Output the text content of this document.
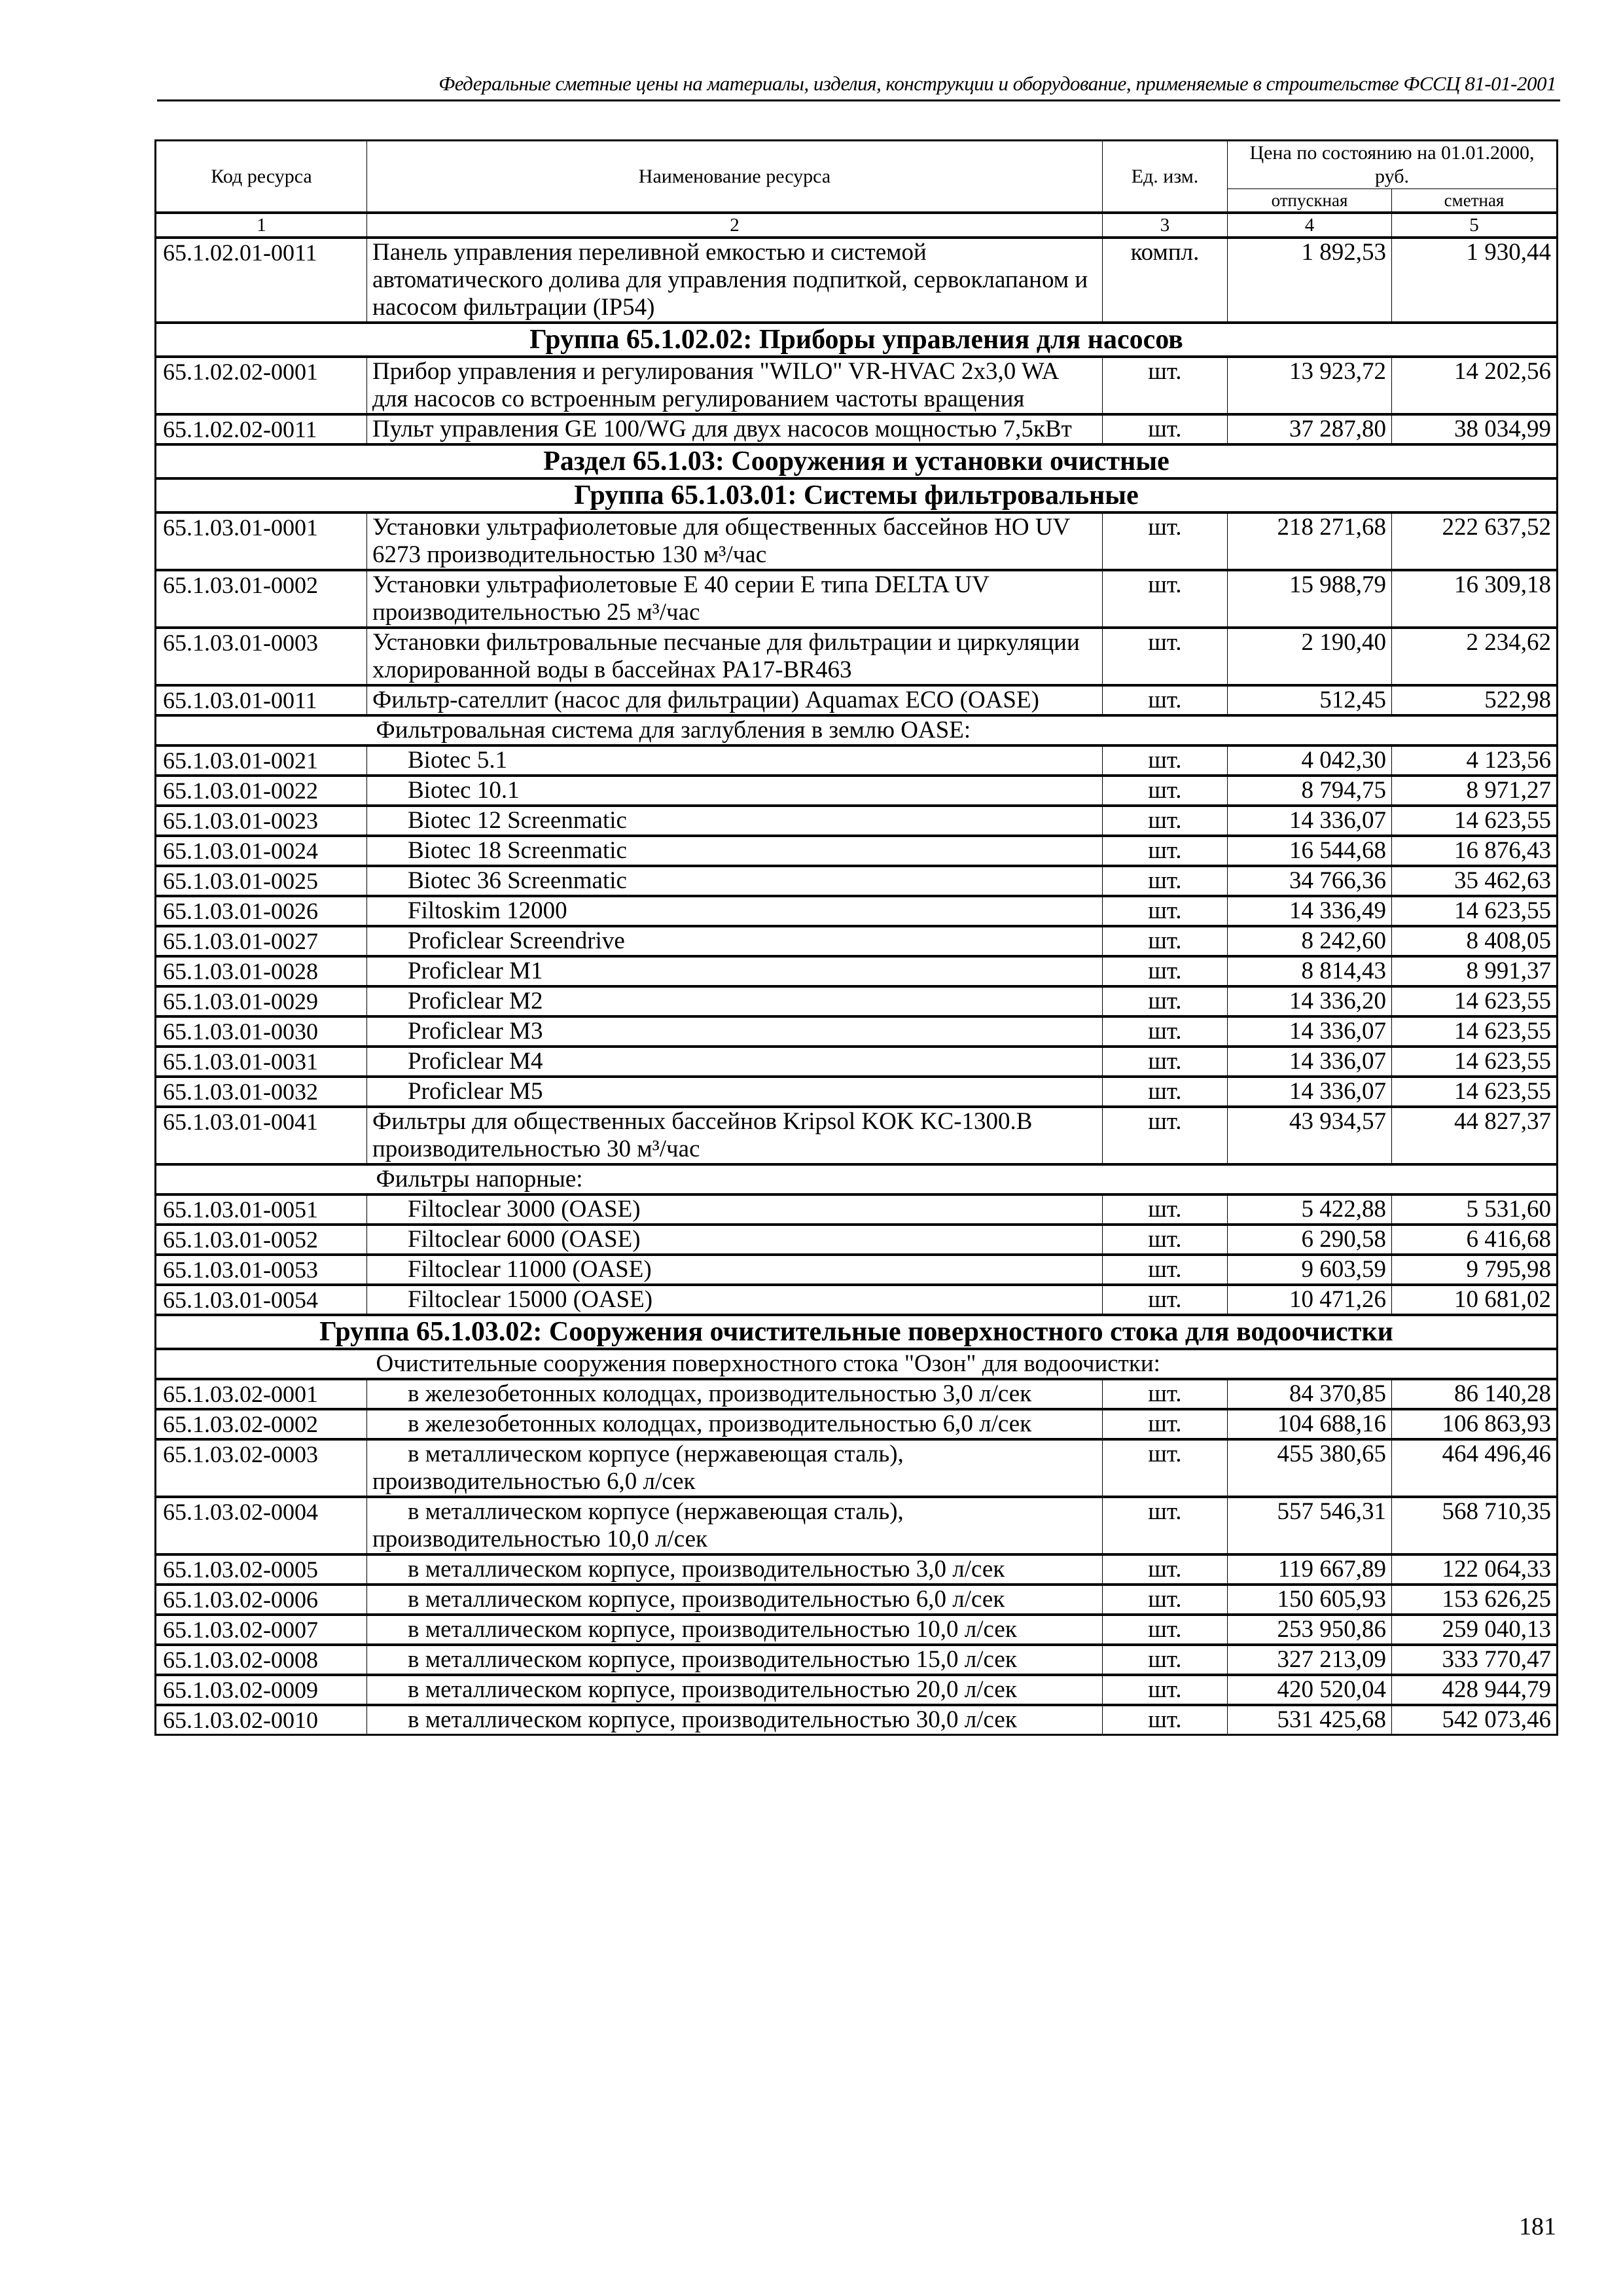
Федеральные сметные цены на материалы, изделия, конструкции и оборудование, применяемые в строительстве ФССЦ 81-01-2001
Код ресурса	Наименование ресурса	Ед. изм.	Цена по состоянию на 01.01.2000, руб.	
			отпускная	сметная
1	2	3	4	5
65.1.02.01-0011	Панель управления переливной емкостью и системой автоматического долива для управления подпиткой, сервоклапаном и насосом фильтрации (IP54)	компл.	1 892,53	1 930,44
Группа 65.1.02.02: Приборы управления для насосов				
65.1.02.02-0001	Прибор управления и регулирования "WILO" VR-HVAC 2x3,0 WA для насосов со встроенным регулированием частоты вращения	шт.	13 923,72	14 202,56
65.1.02.02-0011	Пульт управления GE 100/WG для двух насосов мощностью 7,5кВт	шт.	37 287,80	38 034,99
Раздел 65.1.03: Сооружения и установки очистные				
Группа 65.1.03.01: Системы фильтровальные				
65.1.03.01-0001	Установки ультрафиолетовые для общественных бассейнов HO UV 6273 производительностью 130 м³/час	шт.	218 271,68	222 637,52
65.1.03.01-0002	Установки ультрафиолетовые Е 40 серии Е типа DELTA UV производительностью 25 м³/час	шт.	15 988,79	16 309,18
65.1.03.01-0003	Установки фильтровальные песчаные для фильтрации и циркуляции хлорированной воды в бассейнах PA17-BR463	шт.	2 190,40	2 234,62
65.1.03.01-0011	Фильтр-сателлит (насос для фильтрации) Aquamax ECO (OASE)	шт.	512,45	522,98
	Фильтровальная система для заглубления в землю OASE:			
65.1.03.01-0021	Biotec 5.1	шт.	4 042,30	4 123,56
65.1.03.01-0022	Biotec 10.1	шт.	8 794,75	8 971,27
65.1.03.01-0023	Biotec 12 Screenmatic	шт.	14 336,07	14 623,55
65.1.03.01-0024	Biotec 18 Screenmatic	шт.	16 544,68	16 876,43
65.1.03.01-0025	Biotec 36 Screenmatic	шт.	34 766,36	35 462,63
65.1.03.01-0026	Filtoskim 12000	шт.	14 336,49	14 623,55
65.1.03.01-0027	Proficlear Screendrive	шт.	8 242,60	8 408,05
65.1.03.01-0028	Proficlear M1	шт.	8 814,43	8 991,37
65.1.03.01-0029	Proficlear M2	шт.	14 336,20	14 623,55
65.1.03.01-0030	Proficlear M3	шт.	14 336,07	14 623,55
65.1.03.01-0031	Proficlear M4	шт.	14 336,07	14 623,55
65.1.03.01-0032	Proficlear M5	шт.	14 336,07	14 623,55
65.1.03.01-0041	Фильтры для общественных бассейнов Kripsol KOK KC-1300.B производительностью 30 м³/час	шт.	43 934,57	44 827,37
	Фильтры напорные:			
65.1.03.01-0051	Filtoclear 3000 (OASE)	шт.	5 422,88	5 531,60
65.1.03.01-0052	Filtoclear 6000 (OASE)	шт.	6 290,58	6 416,68
65.1.03.01-0053	Filtoclear 11000 (OASE)	шт.	9 603,59	9 795,98
65.1.03.01-0054	Filtoclear 15000 (OASE)	шт.	10 471,26	10 681,02
Группа 65.1.03.02: Сооружения очистительные поверхностного стока для водоочистки				
	Очистительные сооружения поверхностного стока "Озон" для водоочистки:			
65.1.03.02-0001	в железобетонных колодцах, производительностью 3,0 л/сек	шт.	84 370,85	86 140,28
65.1.03.02-0002	в железобетонных колодцах, производительностью 6,0 л/сек	шт.	104 688,16	106 863,93
65.1.03.02-0003	в металлическом корпусе (нержавеющая сталь), производительностью 6,0 л/сек	шт.	455 380,65	464 496,46
65.1.03.02-0004	в металлическом корпусе (нержавеющая сталь), производительностью 10,0 л/сек	шт.	557 546,31	568 710,35
65.1.03.02-0005	в металлическом корпусе, производительностью 3,0 л/сек	шт.	119 667,89	122 064,33
65.1.03.02-0006	в металлическом корпусе, производительностью 6,0 л/сек	шт.	150 605,93	153 626,25
65.1.03.02-0007	в металлическом корпусе, производительностью 10,0 л/сек	шт.	253 950,86	259 040,13
65.1.03.02-0008	в металлическом корпусе, производительностью 15,0 л/сек	шт.	327 213,09	333 770,47
65.1.03.02-0009	в металлическом корпусе, производительностью 20,0 л/сек	шт.	420 520,04	428 944,79
65.1.03.02-0010	в металлическом корпусе, производительностью 30,0 л/сек	шт.	531 425,68	542 073,46
181
